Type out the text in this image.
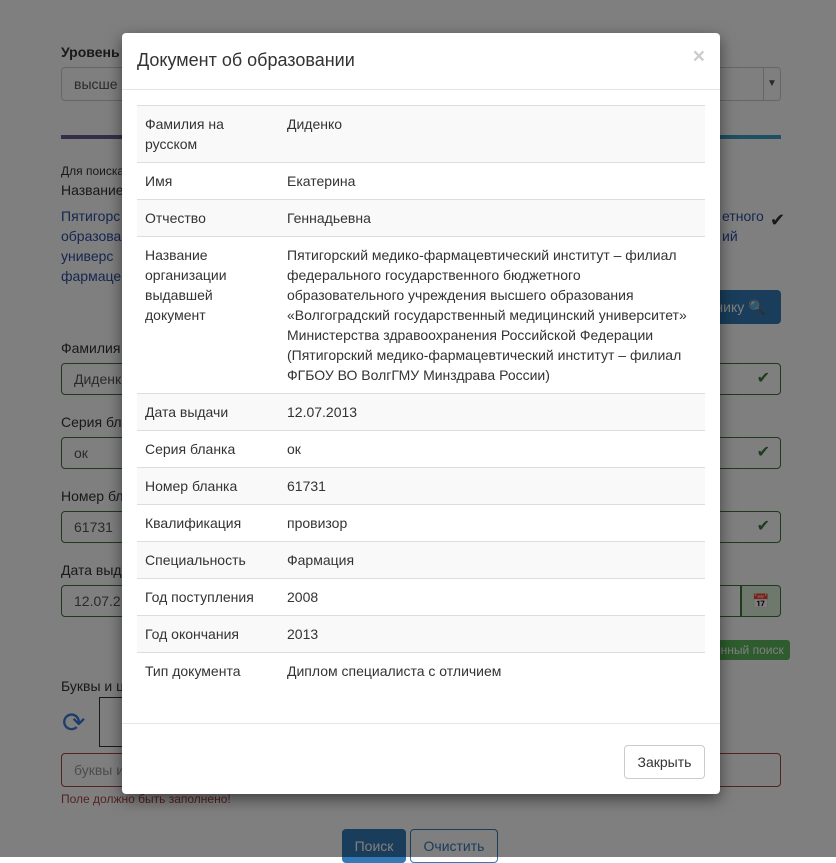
Документ об образовании	×
Фамилия на русском	Диденко
Имя	Екатерина
Отчество	Геннадьевна
Название организации выдавшей документ	Пятигорский медико-фармацевтический институт – филиал федерального государственного бюджетного образовательного учреждения высшего образования «Волгоградский государственный медицинский университет» Министерства здравоохранения Российской Федерации (Пятигорский медико-фармацевтический институт – филиал ФГБОУ ВО ВолгГМУ Минздрава России)
Дата выдачи	12.07.2013
Серия бланка	ок
Номер бланка	61731
Квалификация	провизор
Специальность	Фармация
Год поступления	2008
Год окончания	2013
Тип документа	Диплом специалиста с отличием
Закрыть
